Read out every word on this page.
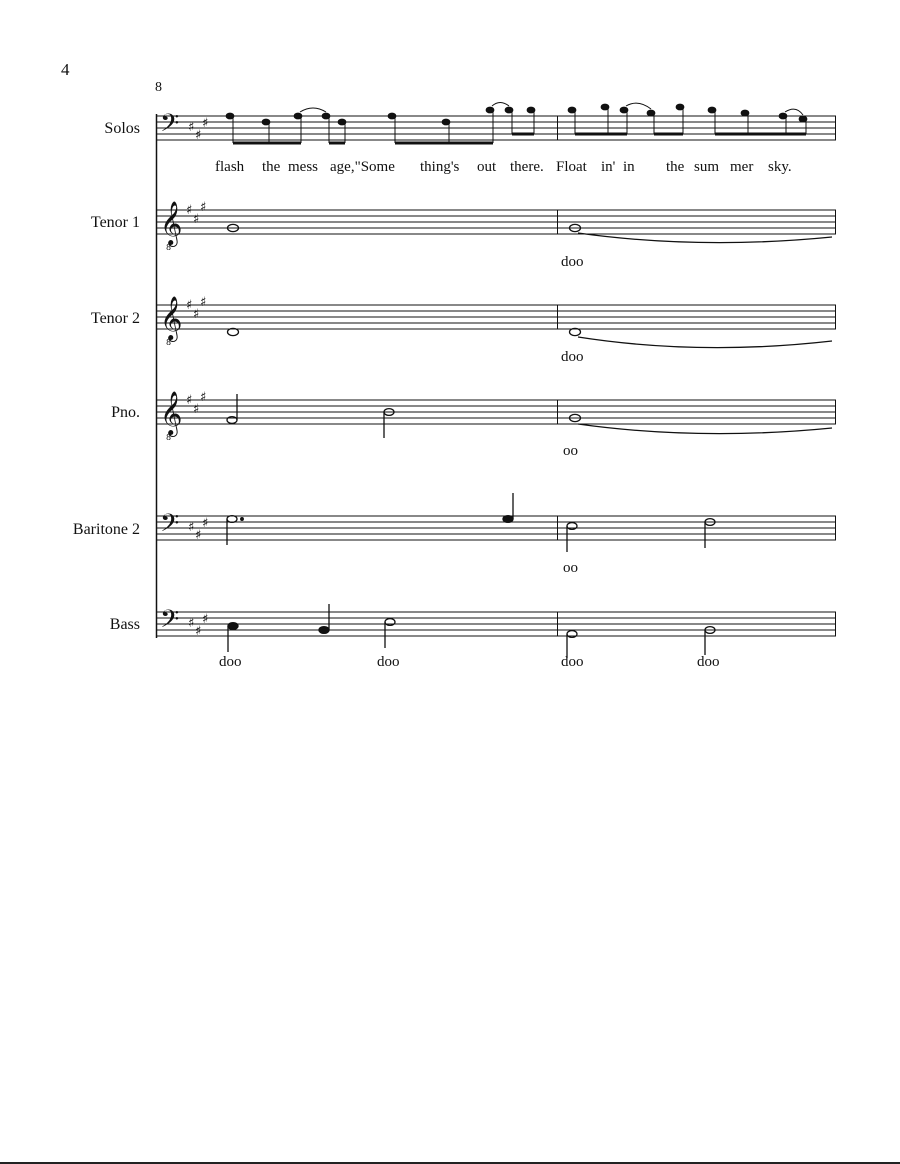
4
8
Solos
Tenor 1
Tenor 2
Pno.
Baritone 2
Bass
flash the mess age,"Some thing's out there. Float in' in the sum mer sky.
doo
doo
oo
oo
doo	doo	doo	doo
𝄢
𝄢
𝄢
𝄞
𝄞
𝄞
8
8
8
♯
♯
♯
♯
♯
♯
♯
♯
♯
♯
♯
♯
♯
♯
♯
♯
♯
♯
